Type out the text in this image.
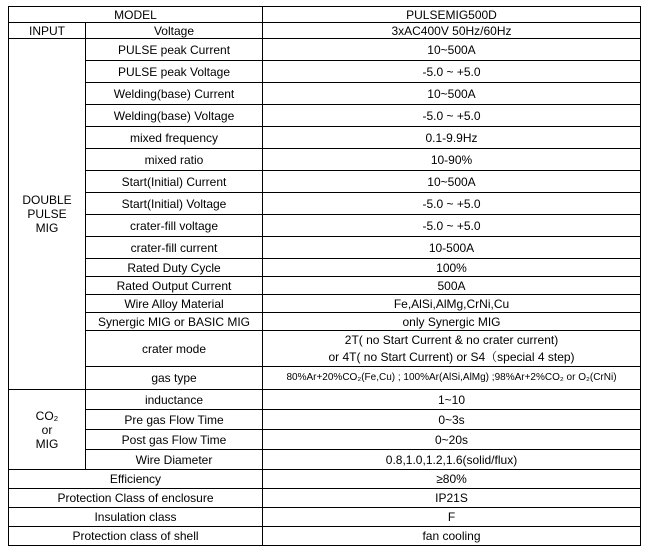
MODEL		PULSEMIG500D
INPUT	Voltage	3xAC400V 50Hz/60Hz
DOUBLE
PULSE
MIG	PULSE peak Current	10~500A
	PULSE peak Voltage	-5.0 ~ +5.0
	Welding(base) Current	10~500A
	Welding(base) Voltage	-5.0 ~ +5.0
	mixed frequency	0.1-9.9Hz
	mixed ratio	10-90%
	Start(Initial) Current	10~500A
	Start(Initial) Voltage	-5.0 ~ +5.0
	crater-fill voltage	-5.0 ~ +5.0
	crater-fill current	10-500A
	Rated Duty Cycle	100%
	Rated Output Current	500A
	Wire Alloy Material	Fe,AlSi,AlMg,CrNi,Cu
	Synergic MIG or BASIC MIG	only Synergic MIG
	crater mode	2T( no Start Current & no crater current)
or 4T( no Start Current) or S4（special 4 step)
	gas type	80%Ar+20%CO₂(Fe,Cu) ; 100%Ar(AlSi,AlMg) ;98%Ar+2%CO₂ or O₂(CrNi)
CO₂
or
MIG	inductance	1~10
	Pre gas Flow Time	0~3s
	Post gas Flow Time	0~20s
	Wire Diameter	0.8,1.0,1.2,1.6(solid/flux)
Efficiency		≥80%
Protection Class of enclosure		IP21S
Insulation class		F
Protection class of shell		fan cooling
